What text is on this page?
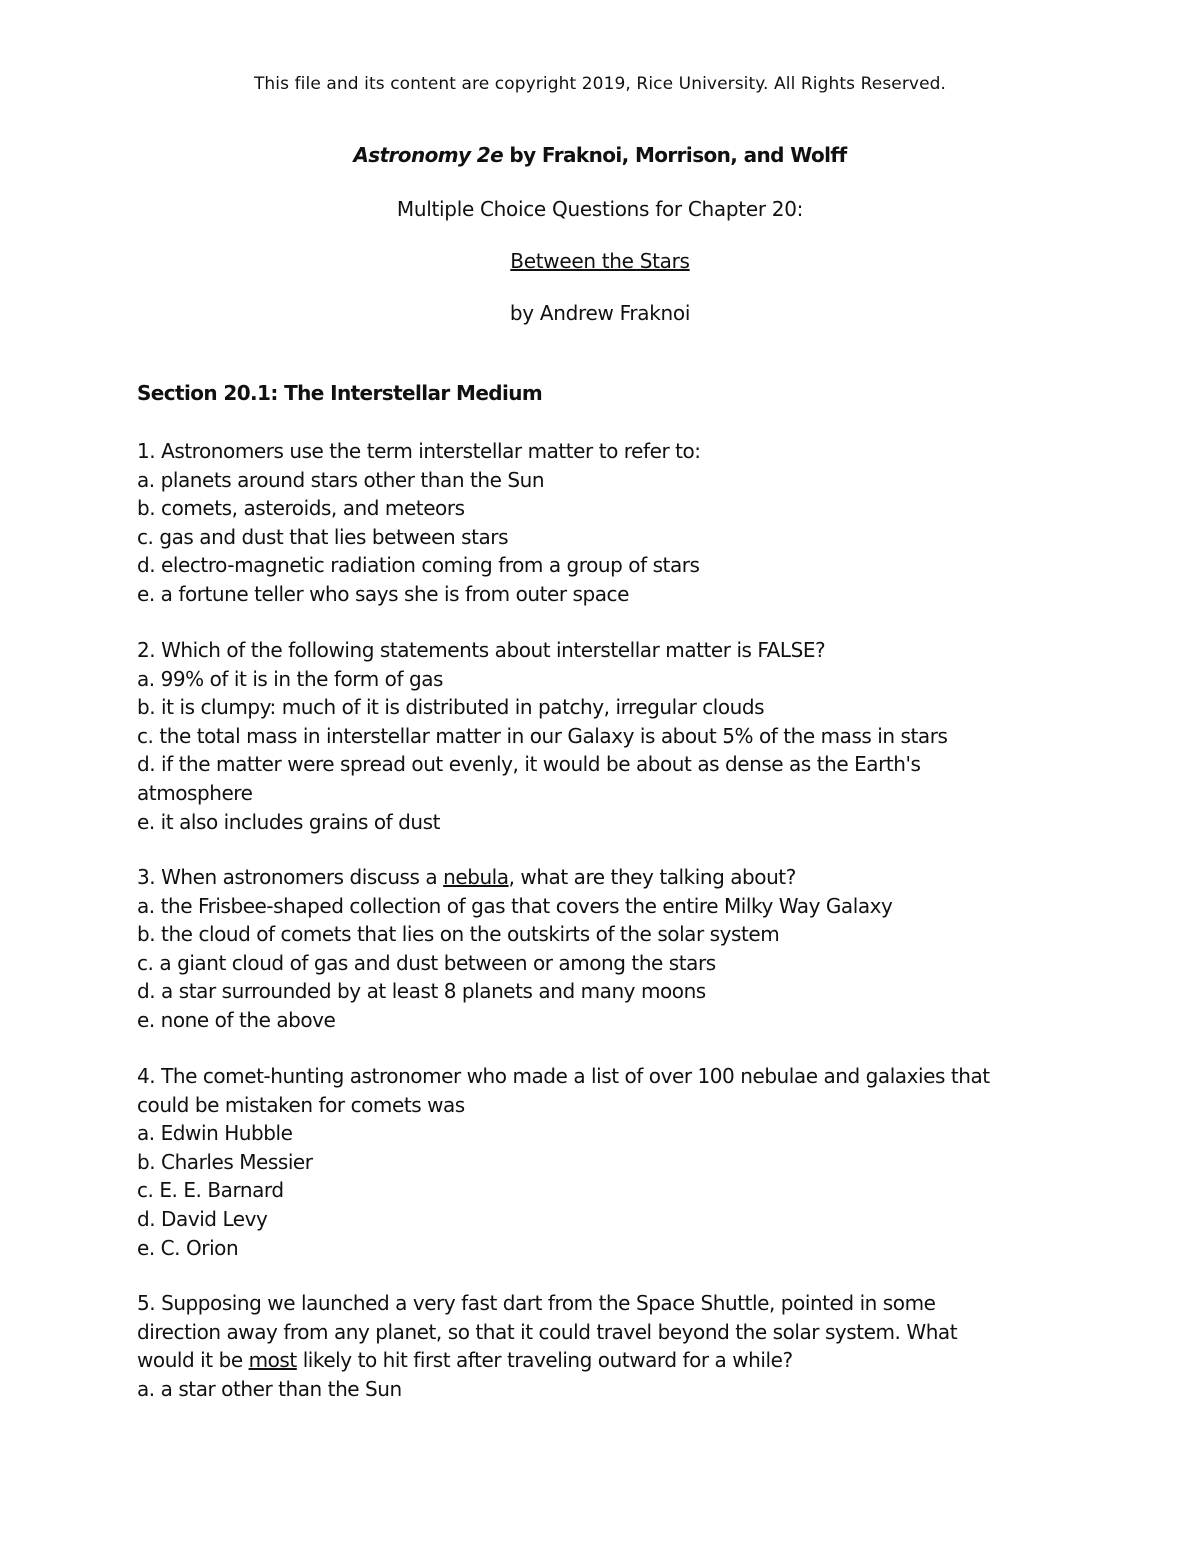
This file and its content are copyright 2019, Rice University. All Rights Reserved.
Astronomy 2e by Fraknoi, Morrison, and Wolff
Multiple Choice Questions for Chapter 20:
Between the Stars
by Andrew Fraknoi
Section 20.1: The Interstellar Medium
1. Astronomers use the term interstellar matter to refer to:
a. planets around stars other than the Sun
b. comets, asteroids, and meteors
c. gas and dust that lies between stars
d. electro-magnetic radiation coming from a group of stars
e. a fortune teller who says she is from outer space
2. Which of the following statements about interstellar matter is FALSE?
a. 99% of it is in the form of gas
b. it is clumpy: much of it is distributed in patchy, irregular clouds
c. the total mass in interstellar matter in our Galaxy is about 5% of the mass in stars
d. if the matter were spread out evenly, it would be about as dense as the Earth's
atmosphere
e. it also includes grains of dust
3. When astronomers discuss a nebula, what are they talking about?
a. the Frisbee-shaped collection of gas that covers the entire Milky Way Galaxy
b. the cloud of comets that lies on the outskirts of the solar system
c. a giant cloud of gas and dust between or among the stars
d. a star surrounded by at least 8 planets and many moons
e. none of the above
4. The comet-hunting astronomer who made a list of over 100 nebulae and galaxies that
could be mistaken for comets was
a. Edwin Hubble
b. Charles Messier
c. E. E. Barnard
d. David Levy
e. C. Orion
5. Supposing we launched a very fast dart from the Space Shuttle, pointed in some
direction away from any planet, so that it could travel beyond the solar system. What
would it be most likely to hit first after traveling outward for a while?
a. a star other than the Sun
